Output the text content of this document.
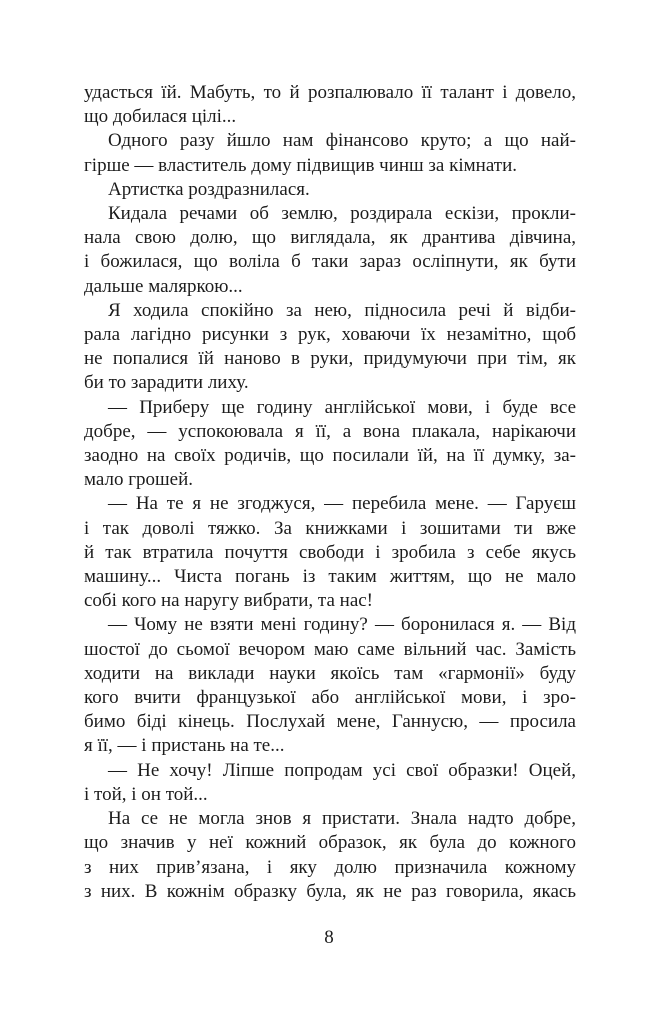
удасться їй. Мабуть, то й розпалювало її талант і довело,
що добилася цілі...
Одного разу йшло нам фінансово круто; а що най-
гірше — властитель дому підвищив чинш за кімнати.
Артистка роздразнилася.
Кидала речами об землю, роздирала ескізи, прокли-
нала свою долю, що виглядала, як дрантива дівчина,
і божилася, що воліла б таки зараз осліпнути, як бути
дальше маляркою...
Я ходила спокійно за нею, підносила речі й відби-
рала лагідно рисунки з рук, ховаючи їх незамітно, щоб
не попалися їй наново в руки, придумуючи при тім, як
би то зарадити лиху.
— Приберу ще годину англійської мови, і буде все
добре, — успокоювала я її, а вона плакала, нарікаючи
заодно на своїх родичів, що посилали їй, на її думку, за-
мало грошей.
— На те я не згоджуся, — перебила мене. — Гаруєш
і так доволі тяжко. За книжками і зошитами ти вже
й так втратила почуття свободи і зробила з себе якусь
машину... Чиста погань із таким життям, що не мало
собі кого на наругу вибрати, та нас!
— Чому не взяти мені годину? — боронилася я. — Від
шостої до сьомої вечором маю саме вільний час. Замість
ходити на виклади науки якоїсь там «гармонії» буду
кого вчити французької або англійської мови, і зро-
бимо біді кінець. Послухай мене, Ганнусю, — просила
я її, — і пристань на те...
— Не хочу! Ліпше попродам усі свої образки! Оцей,
і той, і он той...
На се не могла знов я пристати. Знала надто добре,
що значив у неї кожний образок, як була до кожного
з них прив’язана, і яку долю призначила кожному
з них. В кожнім образку була, як не раз говорила, якась
8
